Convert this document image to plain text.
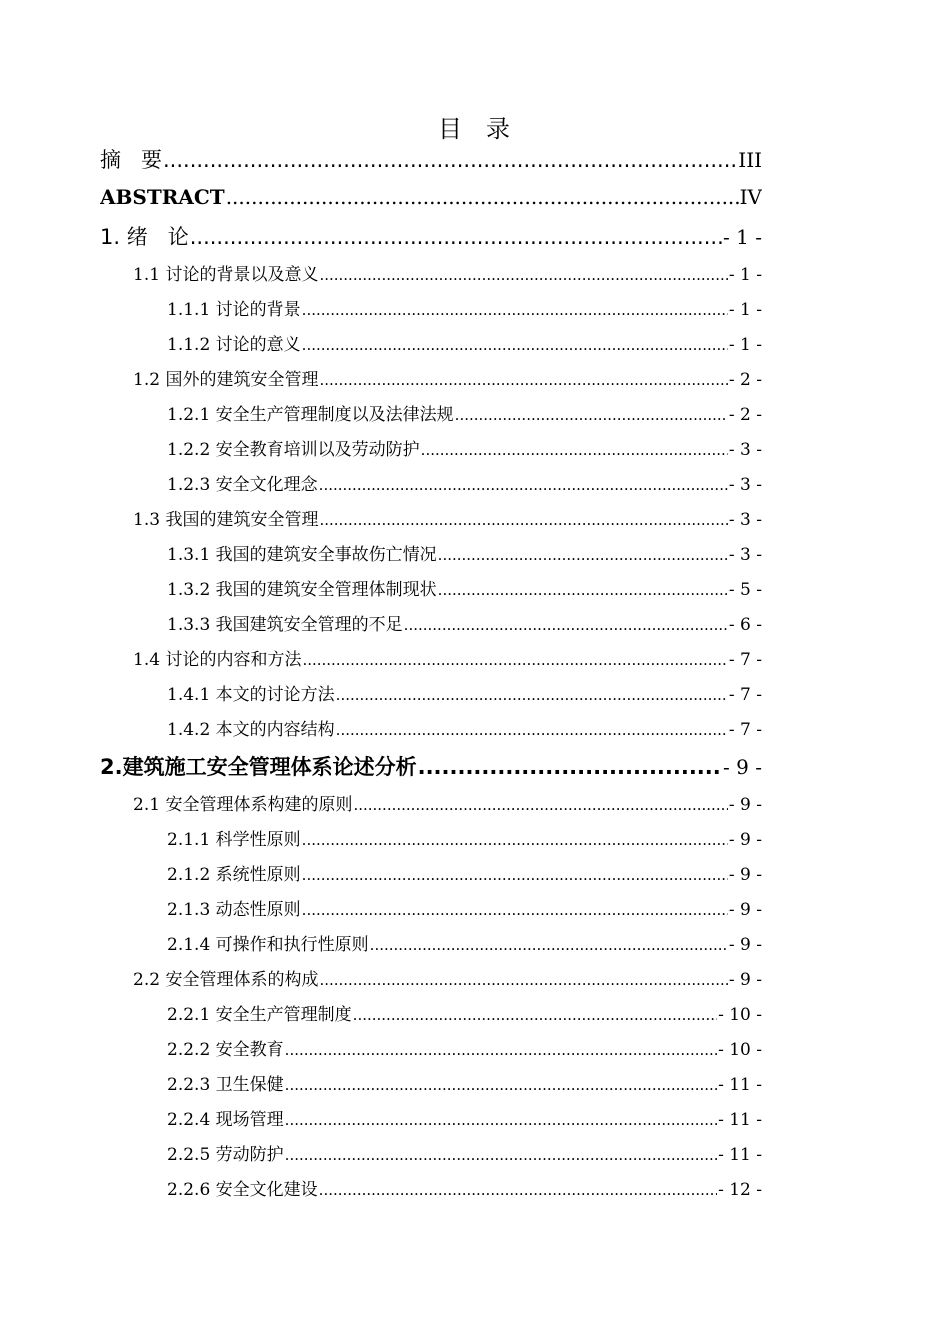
目 录
摘 要 .....	III
ABSTRACT .....	IV
1. 绪 论 .....	- 1 -
1.1 讨论的背景以及意义 .....	- 1 -
1.1.1 讨论的背景 .....	- 1 -
1.1.2 讨论的意义 .....	- 1 -
1.2 国外的建筑安全管理 .....	- 2 -
1.2.1 安全生产管理制度以及法律法规 .....	- 2 -
1.2.2 安全教育培训以及劳动防护 .....	- 3 -
1.2.3 安全文化理念 .....	- 3 -
1.3 我国的建筑安全管理 .....	- 3 -
1.3.1 我国的建筑安全事故伤亡情况 .....	- 3 -
1.3.2 我国的建筑安全管理体制现状 .....	- 5 -
1.3.3 我国建筑安全管理的不足 .....	- 6 -
1.4 讨论的内容和方法 .....	- 7 -
1.4.1 本文的讨论方法 .....	- 7 -
1.4.2 本文的内容结构 .....	- 7 -
2.建筑施工安全管理体系论述分析 .....	- 9 -
2.1 安全管理体系构建的原则 .....	- 9 -
2.1.1 科学性原则 .....	- 9 -
2.1.2 系统性原则 .....	- 9 -
2.1.3 动态性原则 .....	- 9 -
2.1.4 可操作和执行性原则 .....	- 9 -
2.2 安全管理体系的构成 .....	- 9 -
2.2.1 安全生产管理制度 .....	- 10 -
2.2.2 安全教育 .....	- 10 -
2.2.3 卫生保健 .....	- 11 -
2.2.4 现场管理 .....	- 11 -
2.2.5 劳动防护 .....	- 11 -
2.2.6 安全文化建设 .....	- 12 -
